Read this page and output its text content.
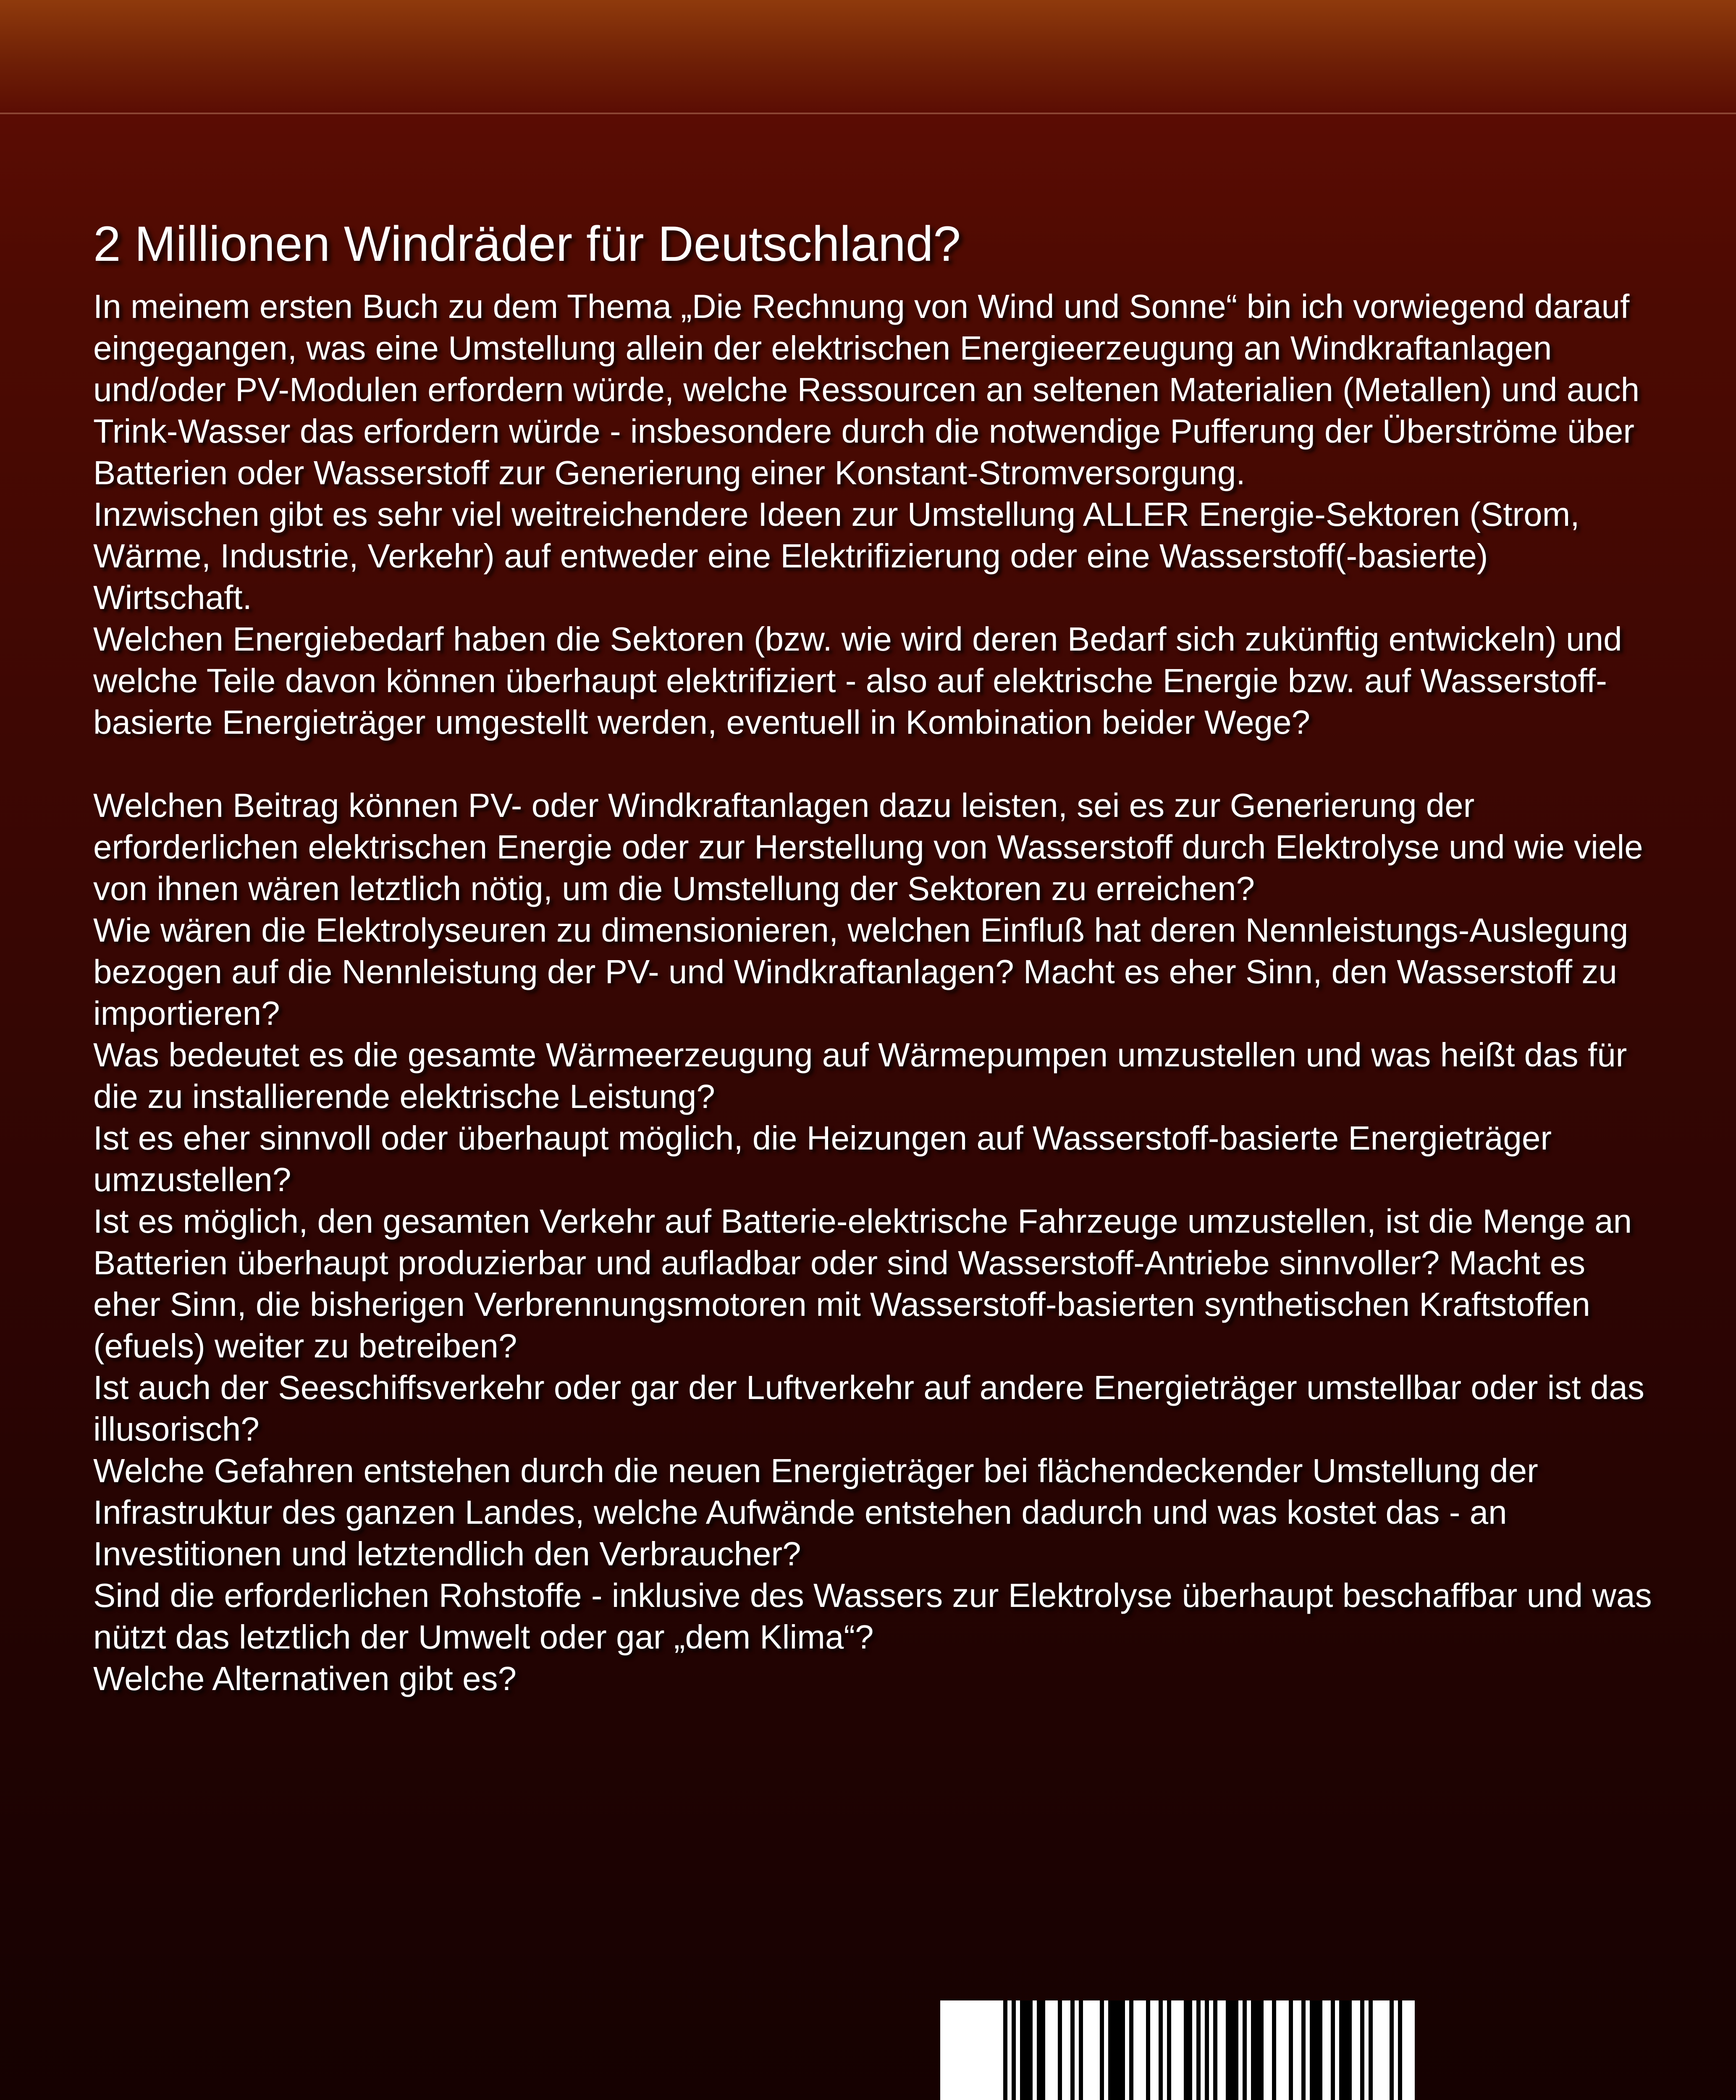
2 Millionen Windräder für Deutschland?

In meinem ersten Buch zu dem Thema „Die Rechnung von Wind und Sonne“ bin ich vorwiegend darauf eingegangen, was eine Umstellung allein der elektrischen Energieerzeugung an Windkraftanlagen und/oder PV-Modulen erfordern würde, welche Ressourcen an seltenen Materialien (Metallen) und auch Trink-Wasser das erfordern würde - insbesondere durch die notwendige Pufferung der Überströme über Batterien oder Wasserstoff zur Generierung einer Konstant-Stromversorgung.

Inzwischen gibt es sehr viel weitreichendere Ideen zur Umstellung ALLER Energie-Sektoren (Strom, Wärme, Industrie, Verkehr) auf entweder eine Elektrifizierung oder eine Wasserstoff(-basierte) Wirtschaft.

Welchen Energiebedarf haben die Sektoren (bzw. wie wird deren Bedarf sich zukünftig entwickeln) und welche Teile davon können überhaupt elektrifiziert - also auf elektrische Energie bzw. auf Wasserstoff-basierte Energieträger umgestellt werden, eventuell in Kombination beider Wege?

Welchen Beitrag können PV- oder Windkraftanlagen dazu leisten, sei es zur Generierung der erforderlichen elektrischen Energie oder zur Herstellung von Wasserstoff durch Elektrolyse und wie viele von ihnen wären letztlich nötig, um die Umstellung der Sektoren zu erreichen?

Wie wären die Elektrolyseuren zu dimensionieren, welchen Einfluß hat deren Nennleistungs-Auslegung bezogen auf die Nennleistung der PV- und Windkraftanlagen? Macht es eher Sinn, den Wasserstoff zu importieren?

Was bedeutet es die gesamte Wärmeerzeugung auf Wärmepumpen umzustellen und was heißt das für die zu installierende elektrische Leistung?

Ist es eher sinnvoll oder überhaupt möglich, die Heizungen auf Wasserstoff-basierte Energieträger umzustellen?

Ist es möglich, den gesamten Verkehr auf Batterie-elektrische Fahrzeuge umzustellen, ist die Menge an Batterien überhaupt produzierbar und aufladbar oder sind Wasserstoff-Antriebe sinnvoller? Macht es eher Sinn, die bisherigen Verbrennungsmotoren mit Wasserstoff-basierten synthetischen Kraftstoffen (efuels) weiter zu betreiben?

Ist auch der Seeschiffsverkehr oder gar der Luftverkehr auf andere Energieträger umstellbar oder ist das illusorisch?

Welche Gefahren entstehen durch die neuen Energieträger bei flächendeckender Umstellung der Infrastruktur des ganzen Landes, welche Aufwände entstehen dadurch und was kostet das - an Investitionen und letztendlich den Verbraucher?

Sind die erforderlichen Rohstoffe - inklusive des Wassers zur Elektrolyse überhaupt beschaffbar und was nützt das letztlich der Umwelt oder gar „dem Klima“?

Welche Alternativen gibt es?
